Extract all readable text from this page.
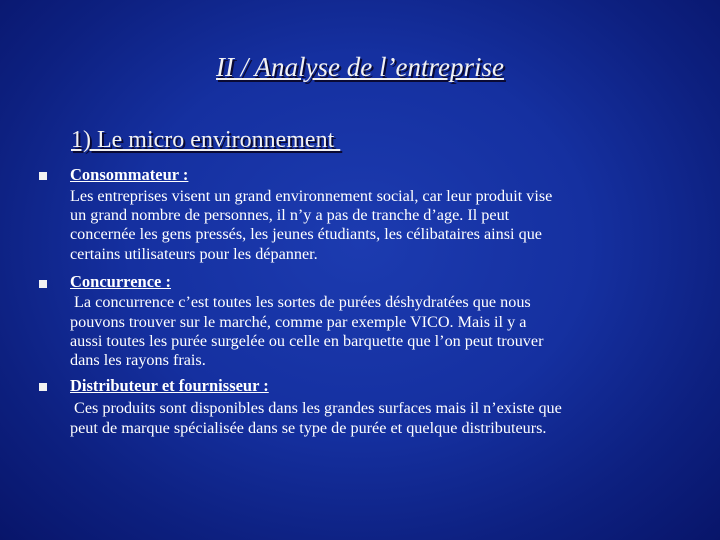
II / Analyse de l’entreprise
1) Le micro environnement
Consommateur :
Les entreprises visent un grand environnement social, car leur produit vise
un grand nombre de personnes, il n’y a pas de tranche d’age. Il peut
concernée les gens pressés, les jeunes étudiants, les célibataires ainsi que
certains utilisateurs pour les dépanner.
Concurrence :
La concurrence c’est toutes les sortes de purées déshydratées que nous
pouvons trouver sur le marché, comme par exemple VICO. Mais il y a
aussi toutes les purée surgelée ou celle en barquette que l’on peut trouver
dans les rayons frais.
Distributeur et fournisseur :
Ces produits sont disponibles dans les grandes surfaces mais il n’existe que
peut de marque spécialisée dans se type de purée et quelque distributeurs.
